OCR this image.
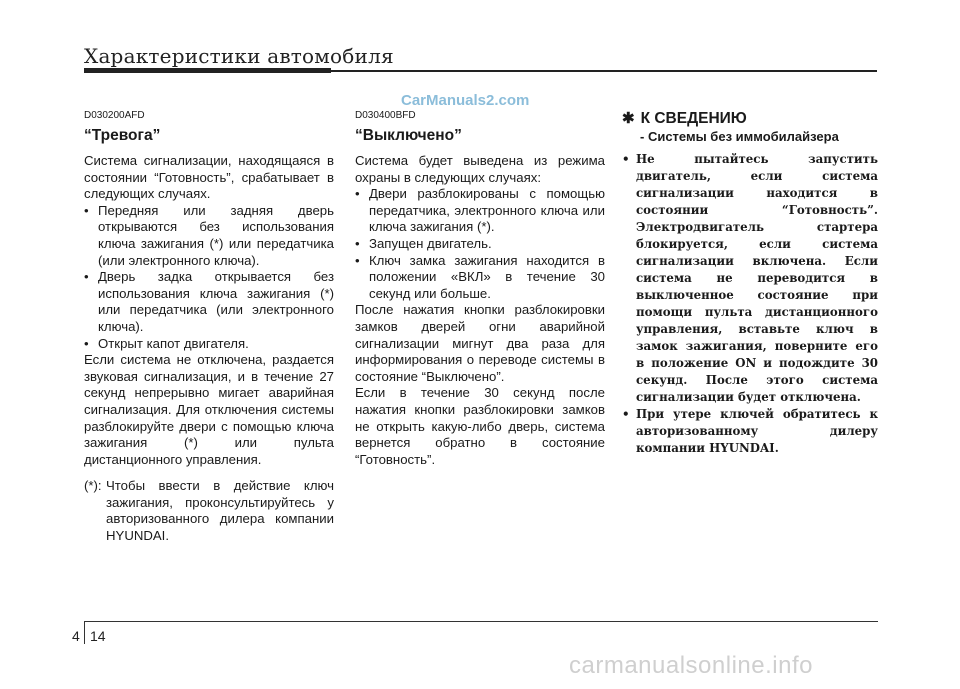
Характеристики автомобиля
CarManuals2.com

D030200AFD

“Тревога”

Система сигнализации, находящаяся в состоянии “Готовность”, срабатывает в следующих случаях.

• Передняя или задняя дверь открываются без использования ключа зажигания (*) или передатчика (или электронного ключа).
• Дверь задка открывается без использования ключа зажигания (*) или передатчика (или электронного ключа).
• Открыт капот двигателя.

Если система не отключена, раздается звуковая сигнализация, и в течение 27 секунд непрерывно мигает аварийная сигнализация. Для отключения системы разблокируйте двери с помощью ключа зажигания (*) или пульта дистанционного управления.

(*): Чтобы ввести в действие ключ зажигания, проконсультируйтесь у авторизованного дилера компании HYUNDAI.

D030400BFD

“Выключено”

Система будет выведена из режима охраны в следующих случаях:

• Двери разблокированы с помощью передатчика, электронного ключа или ключа зажигания (*).
• Запущен двигатель.
• Ключ замка зажигания находится в положении «ВКЛ» в течение 30 секунд или больше.

После нажатия кнопки разблокировки замков дверей огни аварийной сигнализации мигнут два раза для информирования о переводе системы в состояние “Выключено”.

Если в течение 30 секунд после нажатия кнопки разблокировки замков не открыть какую-либо дверь, система вернется обратно в состояние “Готовность”.

✱ К СВЕДЕНИЮ

- Системы без иммобилайзера

• Не пытайтесь запустить двигатель, если система сигнализации находится в состоянии “Готовность”. Электродвигатель стартера блокируется, если система сигнализации включена. Если система не переводится в выключенное состояние при помощи пульта дистанционного управления, вставьте ключ в замок зажигания, поверните его в положение ON и подождите 30 секунд. После этого система сигнализации будет отключена.
• При утере ключей обратитесь к авторизованному дилеру компании HYUNDAI.
4 14
carmanualsonline.info
